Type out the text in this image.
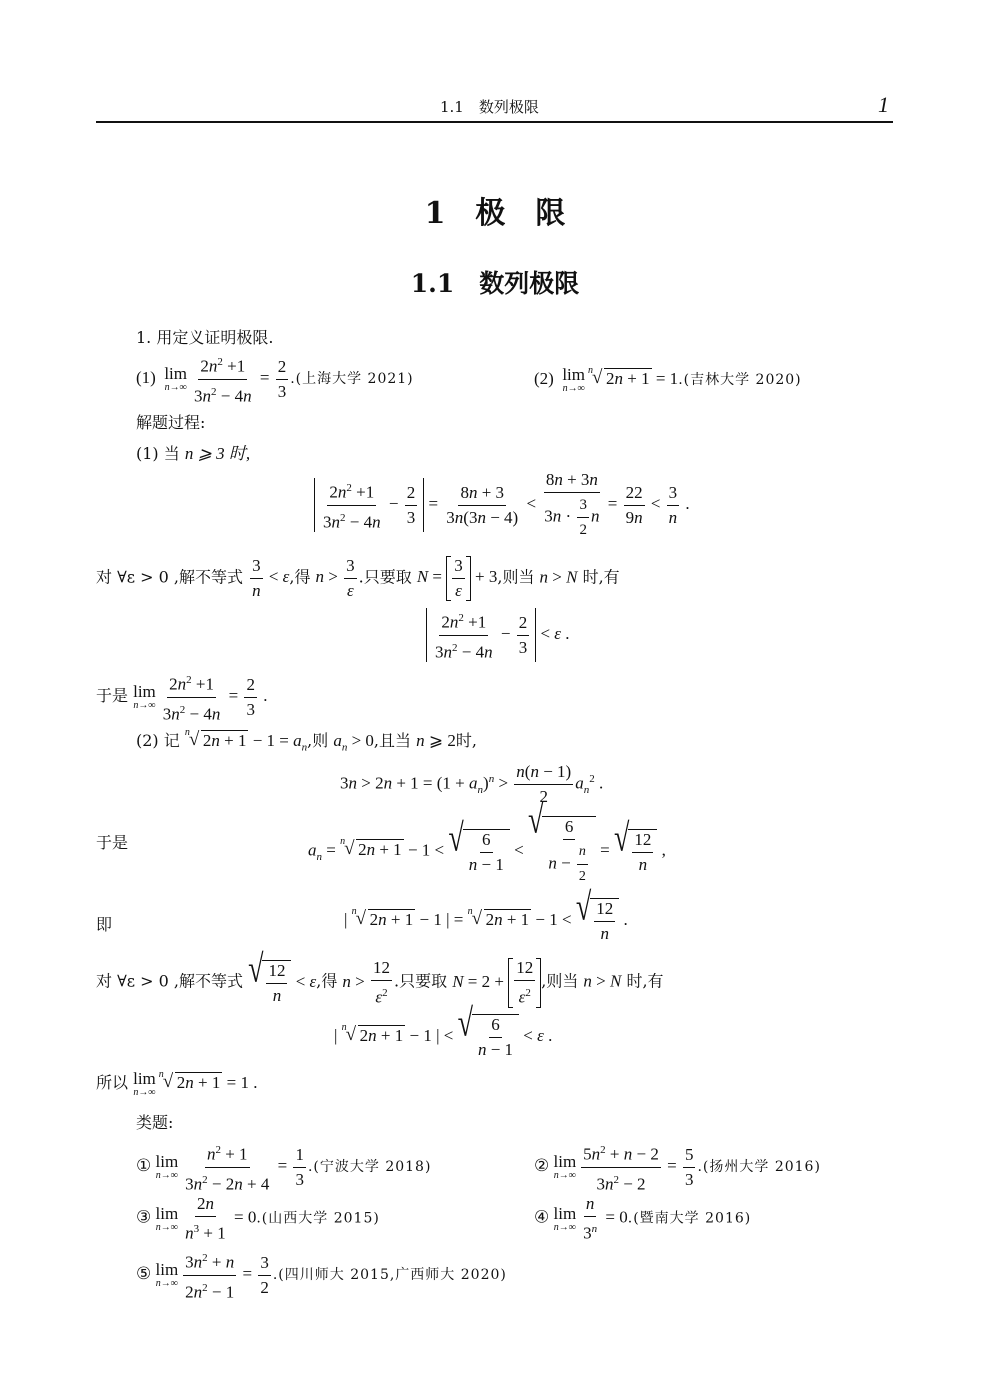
1.1　数列极限	1
1　极　限
1.1　数列极限
1. 用定义证明极限.
(1) lim
$n\to\infty \frac{2n^2 +1}{3n^2 - 4n} = \frac{2}{3}$ .(上海大学 2021)	(2) lim
n→∞
n √ 2n + 1 = 1.(吉林大学 2020)
解题过程:
(1) 当 n ⩾ 3 时,
$\frac{2n^2 +1}{3n^2 - 4n} - \frac{2}{3} = \frac{8n + 3}{3n(3n - 4)} < \frac{8n + 3n}{3n \cdot \frac{3}{2} n} = \frac{22}{9n} < \frac{3}{n}$ .
对 ∀ε > 0 ,解不等式 $\frac{3}{n} < \varepsilon$,得 $n > \frac{3}{\varepsilon}$ .只要取 $N = \frac{3}{\varepsilon} + 3$,则当 n > N 时,有
$\frac{2n^2 +1}{3n^2 - 4n} - \frac{2}{3} < \varepsilon$ .
于是 lim
$n\to\infty \frac{2n^2 +1}{3n^2 - 4n} = \frac{2}{3}$ .
(2) 记 n √ $2n + 1 - 1 = a_n$,则 $a_n > 0$,且当 n ⩾ 2时,
$3n > 2n + 1 = (1 + a_n)^n > \frac{n(n - 1)}{2} a_n^2$ .
于是	$a_n = n$ √ 2n + 1 − 1 < √ $\frac{6}{n - 1}$ <
√ $\frac{6}{n - \frac{n}{2}}$ = √ $\frac{12}{n}$ ,
即	| n √ 2n + 1 − 1 | = n √ 2n + 1 − 1 < √ $\frac{12}{n}$ .
对 ∀ε > 0 ,解不等式 √ $\frac{12}{n} < \varepsilon$,得 $n > \frac{12}{\varepsilon^2}$ .只要取 $N = 2 + \frac{12}{\varepsilon^2}$ ,则当 n > N 时,有
| n √ 2n + 1 − 1 | < √ $\frac{6}{n - 1} < \varepsilon$ .
所以 lim
n→∞
n √ 2n + 1 = 1 .
类题:
① lim
$n\to\infty \frac{n^2 + 1}{3n^2 - 2n + 4} = \frac{1}{3}$ .(宁波大学 2018)	② lim
$n\to\infty \frac{5n^2 + n - 2}{3n^2 - 2} = \frac{5}{3}$ .(扬州大学 2016)
③ lim
$n\to\infty \frac{2n}{n^3 + 1} = 0$.(山西大学 2015)	④ lim
$n\to\infty \frac{n}{3^n} = 0$.(暨南大学 2016)
⑤ lim
$n\to\infty \frac{3n^2 + n}{2n^2 - 1} = \frac{3}{2}$ .(四川师大 2015,广西师大 2020)
